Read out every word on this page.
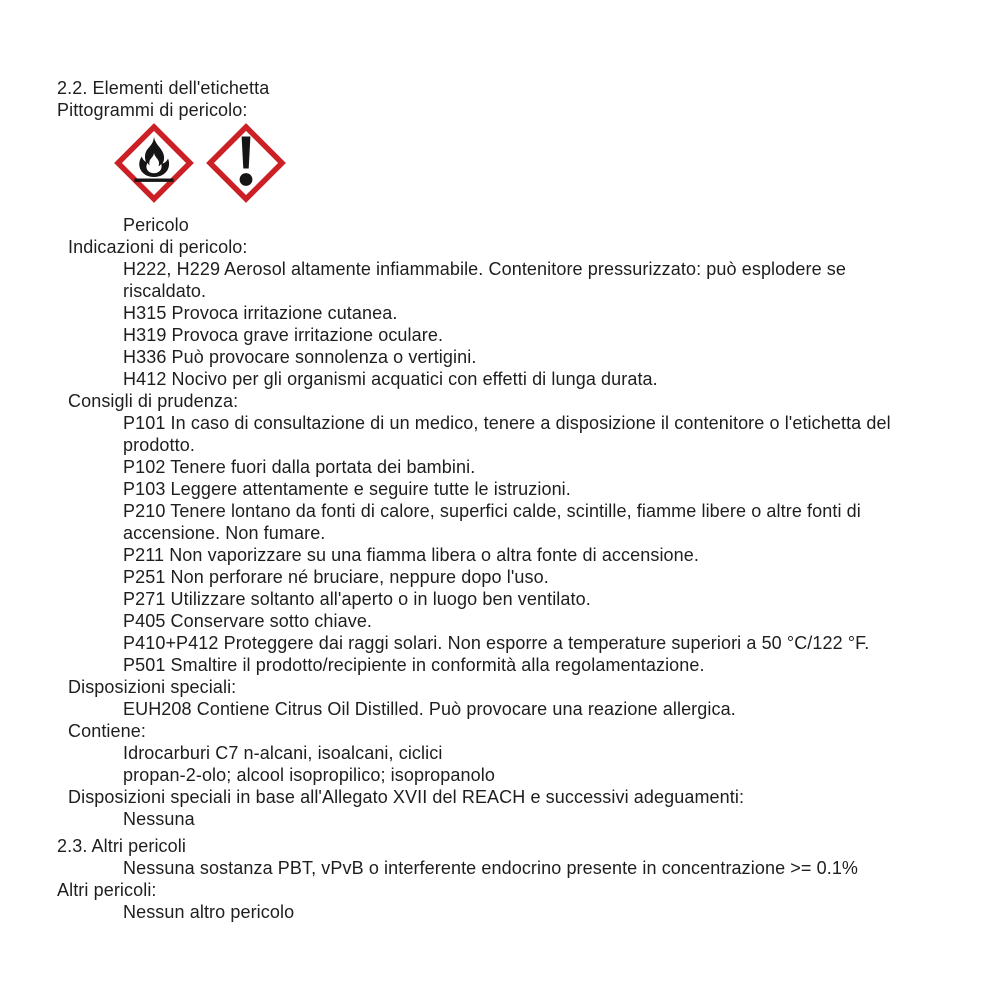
2.2. Elementi dell'etichetta
Pittogrammi di pericolo:
Pericolo
Indicazioni di pericolo:
H222, H229 Aerosol altamente infiammabile. Contenitore pressurizzato: può esplodere se
riscaldato.
H315 Provoca irritazione cutanea.
H319 Provoca grave irritazione oculare.
H336 Può provocare sonnolenza o vertigini.
H412 Nocivo per gli organismi acquatici con effetti di lunga durata.
Consigli di prudenza:
P101 In caso di consultazione di un medico, tenere a disposizione il contenitore o l'etichetta del
prodotto.
P102 Tenere fuori dalla portata dei bambini.
P103 Leggere attentamente e seguire tutte le istruzioni.
P210 Tenere lontano da fonti di calore, superfici calde, scintille, fiamme libere o altre fonti di
accensione. Non fumare.
P211 Non vaporizzare su una fiamma libera o altra fonte di accensione.
P251 Non perforare né bruciare, neppure dopo l'uso.
P271 Utilizzare soltanto all'aperto o in luogo ben ventilato.
P405 Conservare sotto chiave.
P410+P412 Proteggere dai raggi solari. Non esporre a temperature superiori a 50 °C/122 °F.
P501 Smaltire il prodotto/recipiente in conformità alla regolamentazione.
Disposizioni speciali:
EUH208 Contiene Citrus Oil Distilled. Può provocare una reazione allergica.
Contiene:
Idrocarburi C7 n-alcani, isoalcani, ciclici
propan-2-olo; alcool isopropilico; isopropanolo
Disposizioni speciali in base all'Allegato XVII del REACH e successivi adeguamenti:
Nessuna
2.3. Altri pericoli
Nessuna sostanza PBT, vPvB o interferente endocrino presente in concentrazione >= 0.1%
Altri pericoli:
Nessun altro pericolo
